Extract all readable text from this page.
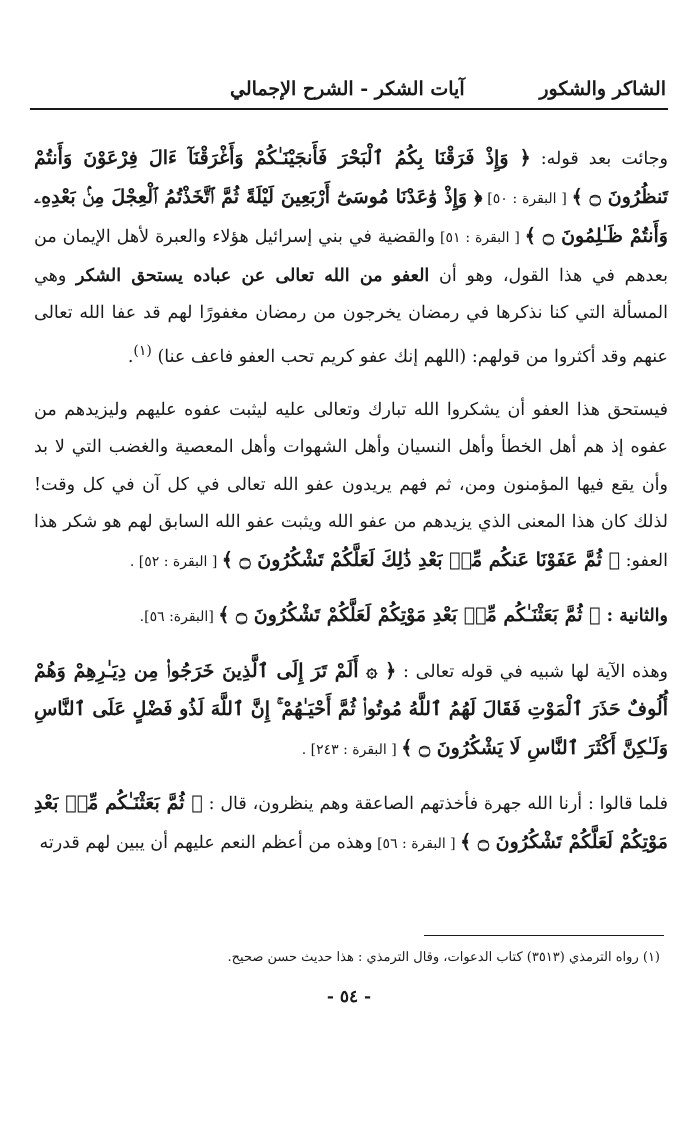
الشاكر والشكور
آيات الشكر - الشرح الإجمالي

وجائت بعد قوله: ﴿ وَإِذْ فَرَقْنَا بِكُمُ ٱلْبَحْرَ فَأَنجَيْنَـٰكُمْ وَأَغْرَقْنَآ ءَالَ فِرْعَوْنَ وَأَنتُمْ تَنظُرُونَ ۝ ﴾ [ البقرة : ٥٠] ﴿ وَإِذْ وَٰعَدْنَا مُوسَىٰٓ أَرْبَعِينَ لَيْلَةً ثُمَّ ٱتَّخَذْتُمُ ٱلْعِجْلَ مِنۢ بَعْدِهِۦ وَأَنتُمْ ظَـٰلِمُونَ ۝ ﴾ [ البقرة : ٥١] والقضية في بني إسرائيل هؤلاء والعبرة لأهل الإيمان من بعدهم في هذا القول، وهو أن العفو من الله تعالى عن عباده يستحق الشكر وهي المسألة التي كنا نذكرها في رمضان يخرجون من رمضان مغفورًا لهم قد عفا الله تعالى عنهم وقد أكثروا من قولهم: (اللهم إنك عفو كريم تحب العفو فاعف عنا) $^{(١)}$.

فيستحق هذا العفو أن يشكروا الله تبارك وتعالى عليه ليثبت عفوه عليهم وليزيدهم من عفوه إذ هم أهل الخطأ وأهل النسيان وأهل الشهوات وأهل المعصية والغضب التي لا بد وأن يقع فيها المؤمنون ومن، ثم فهم يريدون عفو الله تعالى في كل آن في كل وقت! لذلك كان هذا المعنى الذي يزيدهم من عفو الله ويثبت عفو الله السابق لهم هو شكر هذا العفو: ﴿ ثُمَّ عَفَوْنَا عَنكُم مِّنۢ بَعْدِ ذَٰلِكَ لَعَلَّكُمْ تَشْكُرُونَ ۝ ﴾ [ البقرة : ٥٢] .

والثانية : ﴿ ثُمَّ بَعَثْنَـٰكُم مِّنۢ بَعْدِ مَوْتِكُمْ لَعَلَّكُمْ تَشْكُرُونَ ۝ ﴾ [البقرة: ٥٦].

وهذه الآية لها شبيه في قوله تعالى : ﴿ ۞ أَلَمْ تَرَ إِلَى ٱلَّذِينَ خَرَجُوا۟ مِن دِيَـٰرِهِمْ وَهُمْ أُلُوفٌ حَذَرَ ٱلْمَوْتِ فَقَالَ لَهُمُ ٱللَّهُ مُوتُوا۟ ثُمَّ أَحْيَـٰهُمْ ۚ إِنَّ ٱللَّهَ لَذُو فَضْلٍ عَلَى ٱلنَّاسِ وَلَـٰكِنَّ أَكْثَرَ ٱلنَّاسِ لَا يَشْكُرُونَ ۝ ﴾ [ البقرة : ٢٤٣] .

فلما قالوا : أرنا الله جهرة فأخذتهم الصاعقة وهم ينظرون، قال : ﴿ ثُمَّ بَعَثْنَـٰكُم مِّنۢ بَعْدِ مَوْتِكُمْ لَعَلَّكُمْ تَشْكُرُونَ ۝ ﴾ [ البقرة : ٥٦] وهذه من أعظم النعم عليهم أن يبين لهم قدرته

(١) رواه الترمذي (٣٥١٣) كتاب الدعوات، وقال الترمذي : هذا حديث حسن صحيح.
- ٥٤ -
